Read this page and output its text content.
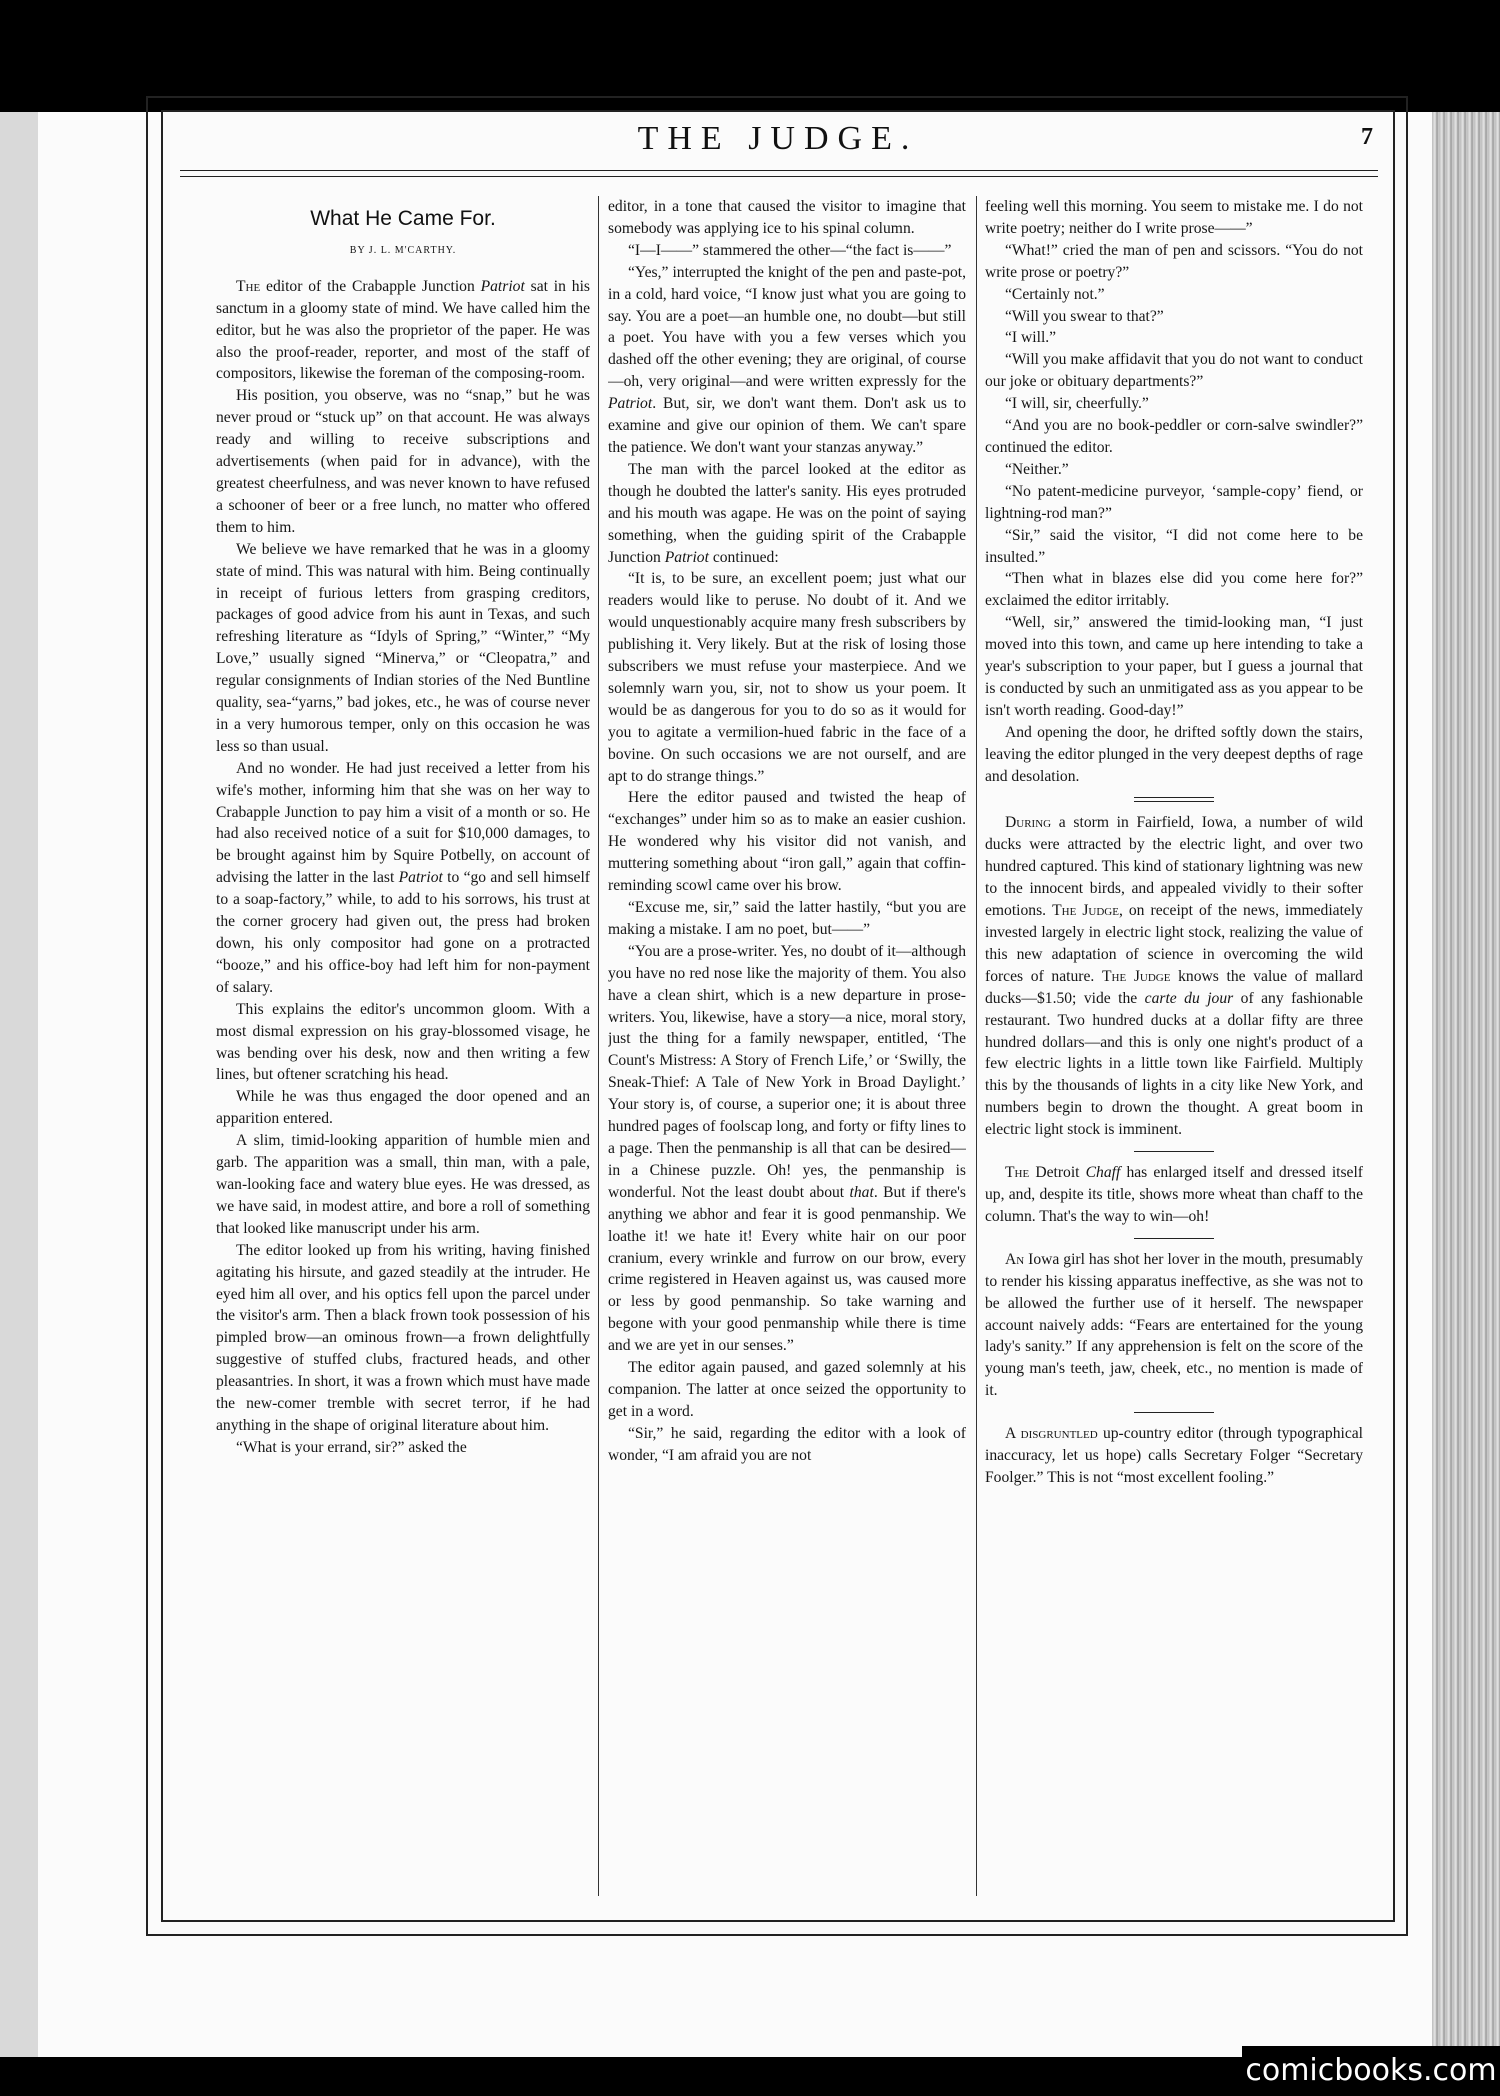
THE JUDGE.	7
What He Came For.
BY J. L. M'CARTHY.

The editor of the Crabapple Junction Patriot sat in his sanctum in a gloomy state of mind. We have called him the editor, but he was also the proprietor of the paper. He was also the proof-reader, reporter, and most of the staff of compositors, likewise the foreman of the composing-room.

His position, you observe, was no “snap,” but he was never proud or “stuck up” on that account. He was always ready and willing to receive subscriptions and advertisements (when paid for in advance), with the greatest cheerfulness, and was never known to have refused a schooner of beer or a free lunch, no matter who offered them to him.

We believe we have remarked that he was in a gloomy state of mind. This was natural with him. Being continually in receipt of furious letters from grasping creditors, packages of good advice from his aunt in Texas, and such refreshing literature as “Idyls of Spring,” “Winter,” “My Love,” usually signed “Minerva,” or “Cleopatra,” and regular consignments of Indian stories of the Ned Buntline quality, sea-“yarns,” bad jokes, etc., he was of course never in a very humorous temper, only on this occasion he was less so than usual.

And no wonder. He had just received a letter from his wife's mother, informing him that she was on her way to Crabapple Junction to pay him a visit of a month or so. He had also received notice of a suit for $10,000 damages, to be brought against him by Squire Potbelly, on account of advising the latter in the last Patriot to “go and sell himself to a soap-factory,” while, to add to his sorrows, his trust at the corner grocery had given out, the press had broken down, his only compositor had gone on a protracted “booze,” and his office-boy had left him for non-payment of salary.

This explains the editor's uncommon gloom. With a most dismal expression on his gray-blossomed visage, he was bending over his desk, now and then writing a few lines, but oftener scratching his head.

While he was thus engaged the door opened and an apparition entered.

A slim, timid-looking apparition of humble mien and garb. The apparition was a small, thin man, with a pale, wan-looking face and watery blue eyes. He was dressed, as we have said, in modest attire, and bore a roll of something that looked like manuscript under his arm.

The editor looked up from his writing, having finished agitating his hirsute, and gazed steadily at the intruder. He eyed him all over, and his optics fell upon the parcel under the visitor's arm. Then a black frown took possession of his pimpled brow—an ominous frown—a frown delightfully suggestive of stuffed clubs, fractured heads, and other pleasantries. In short, it was a frown which must have made the new-comer tremble with secret terror, if he had anything in the shape of original literature about him.

“What is your errand, sir?” asked the

editor, in a tone that caused the visitor to imagine that somebody was applying ice to his spinal column.

“I—I——” stammered the other—“the fact is——”

“Yes,” interrupted the knight of the pen and paste-pot, in a cold, hard voice, “I know just what you are going to say. You are a poet—an humble one, no doubt—but still a poet. You have with you a few verses which you dashed off the other evening; they are original, of course—oh, very original—and were written expressly for the Patriot. But, sir, we don't want them. Don't ask us to examine and give our opinion of them. We can't spare the patience. We don't want your stanzas anyway.”

The man with the parcel looked at the editor as though he doubted the latter's sanity. His eyes protruded and his mouth was agape. He was on the point of saying something, when the guiding spirit of the Crabapple Junction Patriot continued:

“It is, to be sure, an excellent poem; just what our readers would like to peruse. No doubt of it. And we would unquestionably acquire many fresh subscribers by publishing it. Very likely. But at the risk of losing those subscribers we must refuse your masterpiece. And we solemnly warn you, sir, not to show us your poem. It would be as dangerous for you to do so as it would for you to agitate a vermilion-hued fabric in the face of a bovine. On such occasions we are not ourself, and are apt to do strange things.”

Here the editor paused and twisted the heap of “exchanges” under him so as to make an easier cushion. He wondered why his visitor did not vanish, and muttering something about “iron gall,” again that coffin-reminding scowl came over his brow.

“Excuse me, sir,” said the latter hastily, “but you are making a mistake. I am no poet, but——”

“You are a prose-writer. Yes, no doubt of it—although you have no red nose like the majority of them. You also have a clean shirt, which is a new departure in prose-writers. You, likewise, have a story—a nice, moral story, just the thing for a family newspaper, entitled, ‘The Count's Mistress: A Story of French Life,’ or ‘Swilly, the Sneak-Thief: A Tale of New York in Broad Daylight.’ Your story is, of course, a superior one; it is about three hundred pages of foolscap long, and forty or fifty lines to a page. Then the penmanship is all that can be desired—in a Chinese puzzle. Oh! yes, the penmanship is wonderful. Not the least doubt about that. But if there's anything we abhor and fear it is good penmanship. We loathe it! we hate it! Every white hair on our poor cranium, every wrinkle and furrow on our brow, every crime registered in Heaven against us, was caused more or less by good penmanship. So take warning and begone with your good penmanship while there is time and we are yet in our senses.”

The editor again paused, and gazed solemnly at his companion. The latter at once seized the opportunity to get in a word.

“Sir,” he said, regarding the editor with a look of wonder, “I am afraid you are not

feeling well this morning. You seem to mistake me. I do not write poetry; neither do I write prose——”

“What!” cried the man of pen and scissors. “You do not write prose or poetry?”

“Certainly not.”

“Will you swear to that?”

“I will.”

“Will you make affidavit that you do not want to conduct our joke or obituary departments?”

“I will, sir, cheerfully.”

“And you are no book-peddler or corn-salve swindler?” continued the editor.

“Neither.”

“No patent-medicine purveyor, ‘sample-copy’ fiend, or lightning-rod man?”

“Sir,” said the visitor, “I did not come here to be insulted.”

“Then what in blazes else did you come here for?” exclaimed the editor irritably.

“Well, sir,” answered the timid-looking man, “I just moved into this town, and came up here intending to take a year's subscription to your paper, but I guess a journal that is conducted by such an unmitigated ass as you appear to be isn't worth reading. Good-day!”

And opening the door, he drifted softly down the stairs, leaving the editor plunged in the very deepest depths of rage and desolation.

During a storm in Fairfield, Iowa, a number of wild ducks were attracted by the electric light, and over two hundred captured. This kind of stationary lightning was new to the innocent birds, and appealed vividly to their softer emotions. The Judge, on receipt of the news, immediately invested largely in electric light stock, realizing the value of this new adaptation of science in overcoming the wild forces of nature. The Judge knows the value of mallard ducks—$1.50; vide the carte du jour of any fashionable restaurant. Two hundred ducks at a dollar fifty are three hundred dollars—and this is only one night's product of a few electric lights in a little town like Fairfield. Multiply this by the thousands of lights in a city like New York, and numbers begin to drown the thought. A great boom in electric light stock is imminent.

The Detroit Chaff has enlarged itself and dressed itself up, and, despite its title, shows more wheat than chaff to the column. That's the way to win—oh!

An Iowa girl has shot her lover in the mouth, presumably to render his kissing apparatus ineffective, as she was not to be allowed the further use of it herself. The newspaper account naively adds: “Fears are entertained for the young lady's sanity.” If any apprehension is felt on the score of the young man's teeth, jaw, cheek, etc., no mention is made of it.

A disgruntled up-country editor (through typographical inaccuracy, let us hope) calls Secretary Folger “Secretary Foolger.” This is not “most excellent fooling.”

comicbooks.com
